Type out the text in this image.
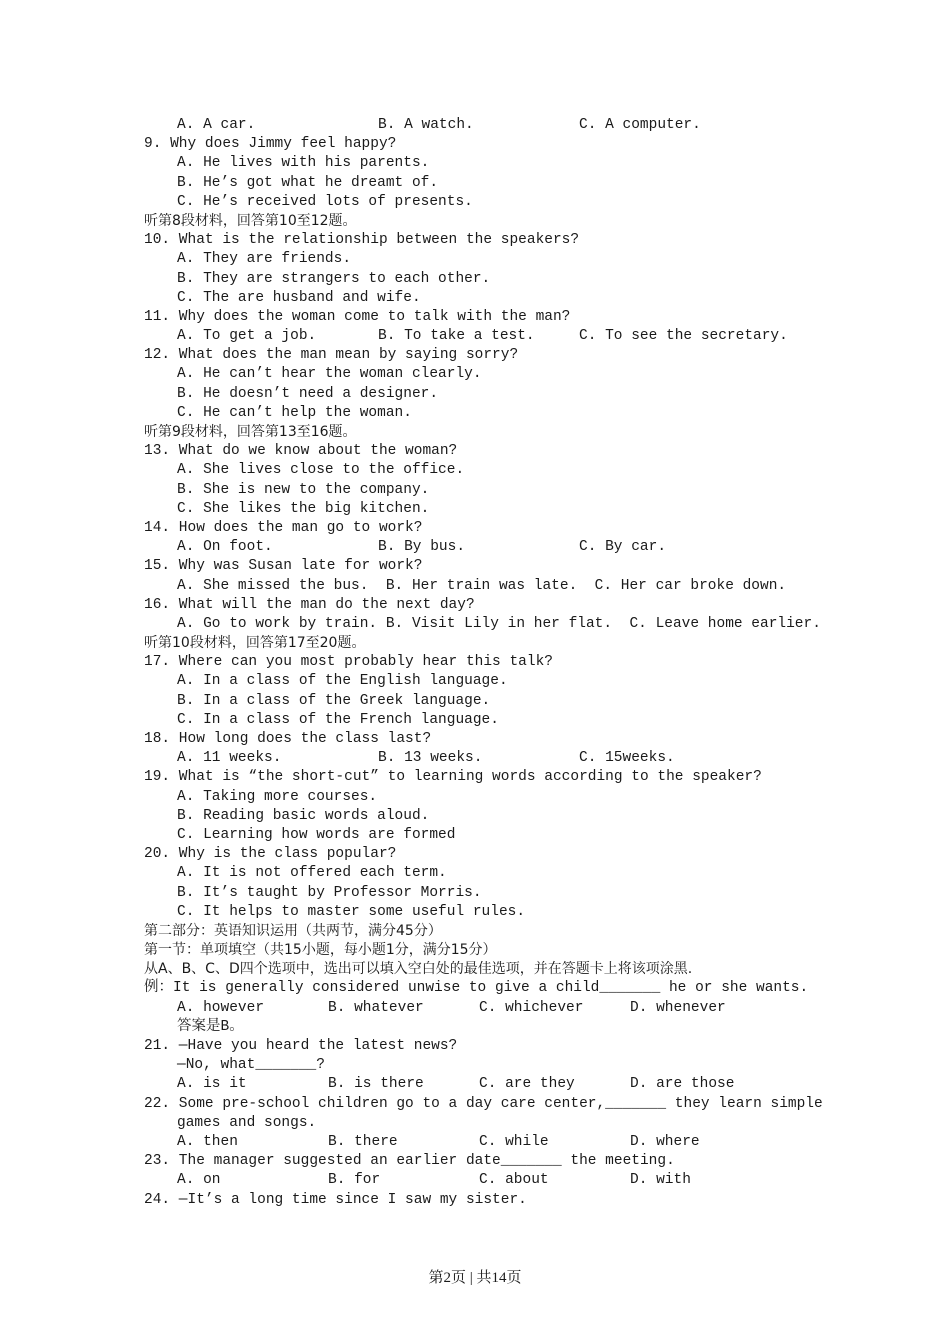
A. A car.	B. A watch.	C. A computer.
9. Why does Jimmy feel happy?
A. He lives with his parents.
B. He’s got what he dreamt of.
C. He’s received lots of presents.
听第8段材料，回答第10至12题。
10. What is the relationship between the speakers?
A. They are friends.
B. They are strangers to each other.
C. The are husband and wife.
11. Why does the woman come to talk with the man?
A. To get a job.	B. To take a test.	C. To see the secretary.
12. What does the man mean by saying sorry?
A. He can’t hear the woman clearly.
B. He doesn’t need a designer.
C. He can’t help the woman.
听第9段材料，回答第13至16题。
13. What do we know about the woman?
A. She lives close to the office.
B. She is new to the company.
C. She likes the big kitchen.
14. How does the man go to work?
A. On foot.	B. By bus.	C. By car.
15. Why was Susan late for work?
A. She missed the bus.  B. Her train was late.  C. Her car broke down.
16. What will the man do the next day?
A. Go to work by train. B. Visit Lily in her flat.  C. Leave home earlier.
听第10段材料，回答第17至20题。
17. Where can you most probably hear this talk?
A. In a class of the English language.
B. In a class of the Greek language.
C. In a class of the French language.
18. How long does the class last?
A. 11 weeks.	B. 13 weeks.	C. 15weeks.
19. What is “the short-cut” to learning words according to the speaker?
A. Taking more courses.
B. Reading basic words aloud.
C. Learning how words are formed
20. Why is the class popular?
A. It is not offered each term.
B. It’s taught by Professor Morris.
C. It helps to master some useful rules.
第二部分：英语知识运用（共两节，满分45分）
第一节：单项填空（共15小题，每小题1分，满分15分）
从A、B、C、D四个选项中，选出可以填入空白处的最佳选项，并在答题卡上将该项涂黑.
例：It is generally considered unwise to give a child_______ he or she wants.
A. however	B. whatever	C. whichever	D. whenever
答案是B。
21. —Have you heard the latest news?
—No, what_______?
A. is it	B. is there	C. are they	D. are those
22. Some pre-school children go to a day care center,_______ they learn simple
games and songs.
A. then	B. there	C. while	D. where
23. The manager suggested an earlier date_______ the meeting.
A. on	B. for	C. about	D. with
24. —It’s a long time since I saw my sister.
第2页 | 共14页
